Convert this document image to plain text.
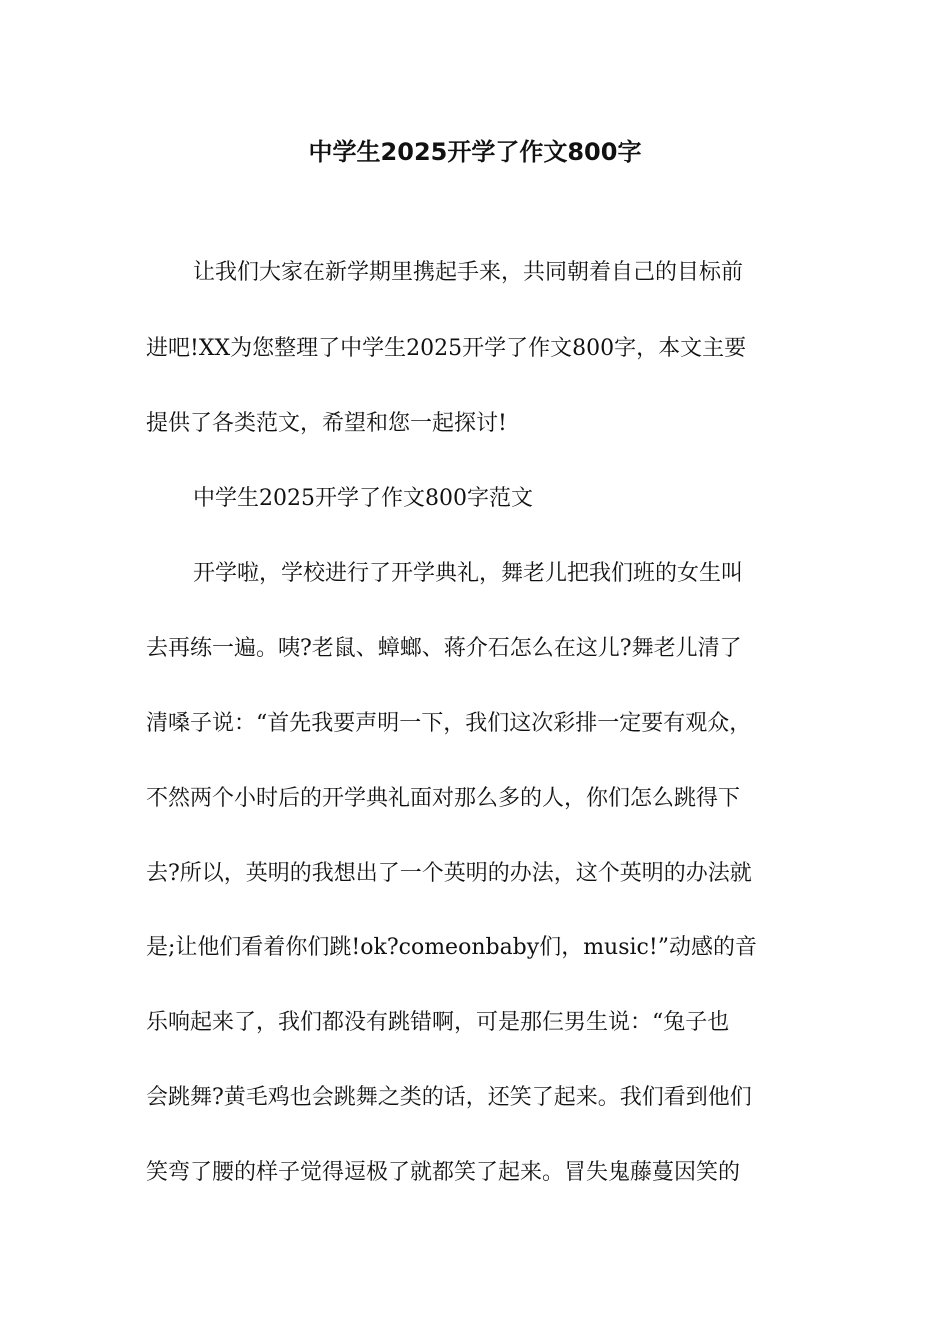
中学生2025开学了作文800字
让我们大家在新学期里携起手来，共同朝着自己的目标前
进吧!XX为您整理了中学生2025开学了作文800字，本文主要
提供了各类范文，希望和您一起探讨!
中学生2025开学了作文800字范文
开学啦，学校进行了开学典礼，舞老儿把我们班的女生叫
去再练一遍。咦?老鼠、蟑螂、蒋介石怎么在这儿?舞老儿清了
清嗓子说：“首先我要声明一下，我们这次彩排一定要有观众，
不然两个小时后的开学典礼面对那么多的人，你们怎么跳得下
去?所以，英明的我想出了一个英明的办法，这个英明的办法就
是;让他们看着你们跳!ok?comeonbaby们，music!”动感的音
乐响起来了，我们都没有跳错啊，可是那仨男生说：“兔子也
会跳舞?黄毛鸡也会跳舞之类的话，还笑了起来。我们看到他们
笑弯了腰的样子觉得逗极了就都笑了起来。冒失鬼藤蔓因笑的
